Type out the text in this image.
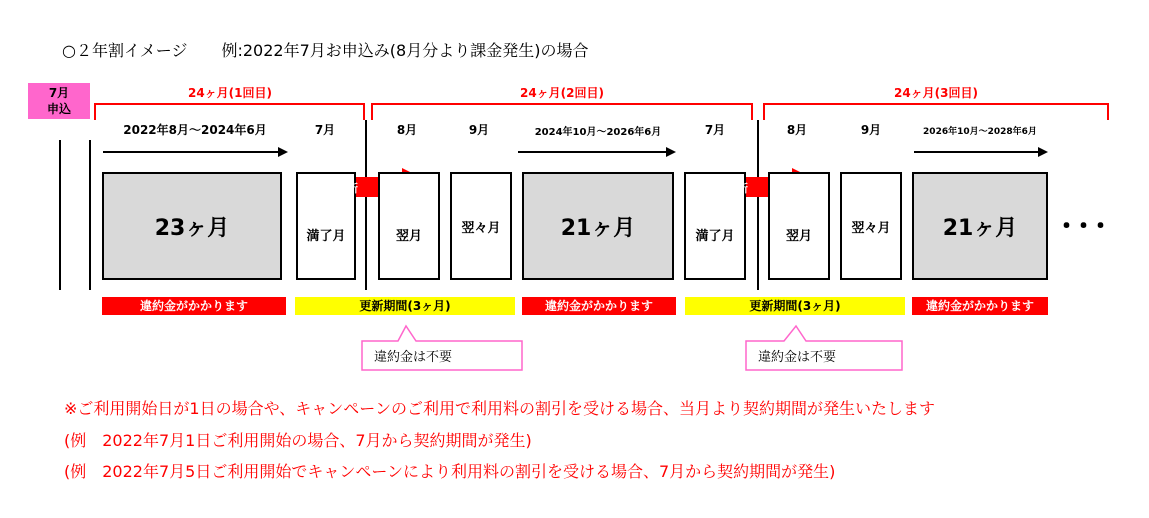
○２年割イメージ 例:2022年7月お申込み(8月分より課金発生)の場合
7月
申込
24ヶ月(1回目)	24ヶ月(2回目)	24ヶ月(3回目)
2022年8月～2024年6月	7月	8月	9月	2024年10月～2026年6月	7月	8月	9月	2026年10月～2028年6月
23ヶ月	満了月	翌月
翌々月	21ヶ月	満了月	翌月
翌々月	21ヶ月	･･･
自動更新	自動更新
違約金がかかります	更新期間(3ヶ月)	違約金がかかります	更新期間(3ヶ月)	違約金がかかります
違約金は不要	違約金は不要
※ご利用開始日が1日の場合や、キャンペーンのご利用で利用料の割引を受ける場合、当月より契約期間が発生いたします
(例　2022年7月1日ご利用開始の場合、7月から契約期間が発生)
(例　2022年7月5日ご利用開始でキャンペーンにより利用料の割引を受ける場合、7月から契約期間が発生)
